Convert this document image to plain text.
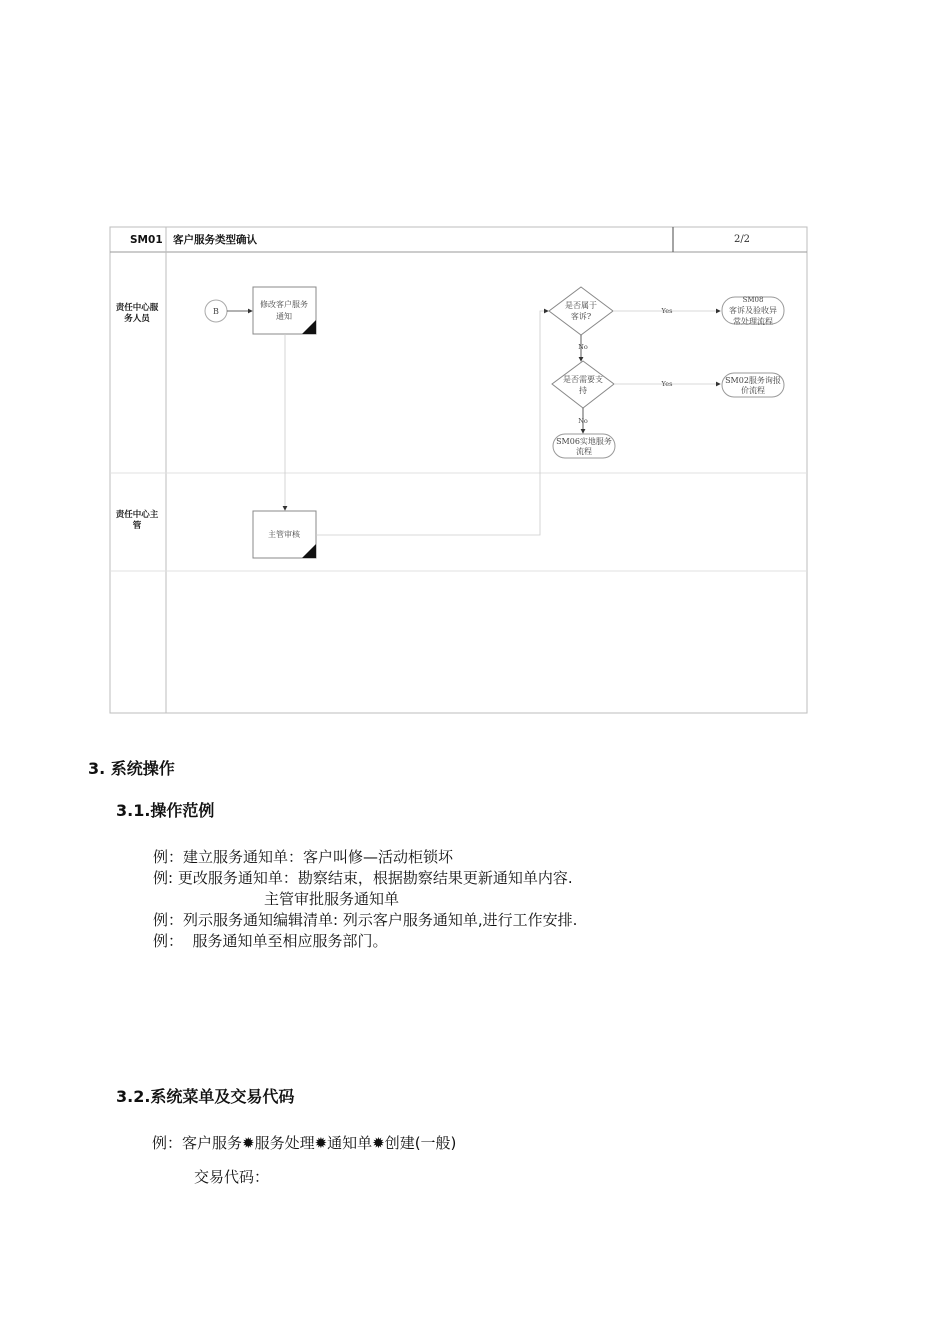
SM01 客户服务类型确认	2/2
责任中心服
务人员
责任中心主
管
B
修改客户服务
通知
主管审核
是否属于
客诉?
Yes
SM08
客诉及验收异
常处理流程
No
是否需要支
持
Yes	SM02服务询报
价流程
No
SM06实地服务
流程
3. 系统操作
3.1.操作范例

例：建立服务通知单：客户叫修—活动柜锁坏

例: 更改服务通知单：勘察结束，根据勘察结果更新通知单内容.

主管审批服务通知单

例：列示服务通知编辑清单: 列示客户服务通知单,进行工作安排.

例：  服务通知单至相应服务部门。

3.2.系统菜单及交易代码

例：客户服务✹服务处理✹通知单✹创建(一般)

交易代码：
